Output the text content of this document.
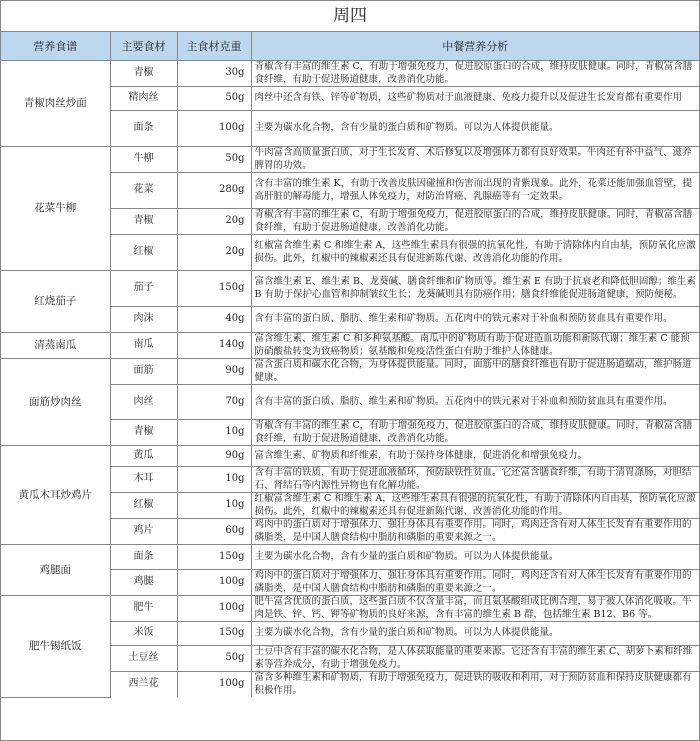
周四
营养食谱	主要食材	主食材克重	中餐营养分析
青椒肉丝炒面	青椒	30g	青椒含有丰富的维生素 C，有助于增强免疫力，促进胶原蛋白的合成，维持皮肤健康。同时，青椒富含膳食纤维，有助于促进肠道健康，改善消化功能。
	精肉丝	50g	肉丝中还含有铁、锌等矿物质，这些矿物质对于血液健康、免疫力提升以及促进生长发育都有重要作用
	面条	100g	主要为碳水化合物，含有少量的蛋白质和矿物质。可以为人体提供能量。
花菜牛柳	牛柳	50g	牛肉富含高质量蛋白质，对于生长发育、术后修复以及增强体力都有良好效果。牛肉还有补中益气、滋养脾胃的功效。
	花菜	280g	含有丰富的维生素 K，有助于改善皮肤因碰撞和伤害而出现的青紫现象。此外，花菜还能加强血管壁，提高肝脏的解毒能力，增强人体免疫力，对防治胃癌、乳腺癌等有一定效果。
	青椒	20g	青椒含有丰富的维生素 C，有助于增强免疫力，促进胶原蛋白的合成，维持皮肤健康。同时，青椒富含膳食纤维，有助于促进肠道健康，改善消化功能。
	红椒	20g	红椒富含维生素 C 和维生素 A，这些维生素具有很强的抗氧化性，有助于清除体内自由基，预防氧化应激损伤。此外，红椒中的辣椒素还具有促进新陈代谢、改善消化功能的作用。
红烧茄子	茄子	150g	富含维生素 E、维生素 B、龙葵碱、膳食纤维和矿物质等。维生素 E 有助于抗衰老和降低胆固醇；维生素 B 有助于保护心血管和抑制皱纹生长；龙葵碱则具有防癌作用；膳食纤维能促进肠道健康，预防便秘。
	肉沫	40g	含有丰富的蛋白质、脂肪、维生素和矿物质。五花肉中的铁元素对于补血和预防贫血具有重要作用。
清蒸南瓜	南瓜	140g	富含维生素、维生素 C 和多种氨基酸。南瓜中的矿物质有助于促进造血功能和新陈代谢；维生素 C 能预防硝酸盐转变为致癌物质；氨基酸和免疫活性蛋白有助于维护人体健康。
面筋炒肉丝	面筋	90g	富含蛋白质和碳水化合物，为身体提供能量。同时，面筋中的膳食纤维也有助于促进肠道蠕动，维护肠道健康。
	肉丝	70g	含有丰富的蛋白质、脂肪、维生素和矿物质。五花肉中的铁元素对于补血和预防贫血具有重要作用。
	青椒	10g	青椒含有丰富的维生素 C，有助于增强免疫力，促进胶原蛋白的合成，维持皮肤健康。同时，青椒富含膳食纤维，有助于促进肠道健康，改善消化功能。
黄瓜木耳炒鸡片	黄瓜	90g	富含维生素、矿物质和纤维素，有助于保持身体健康，促进消化和增强免疫力。
	木耳	10g	含有丰富的铁质，有助于促进血液循环，预防缺铁性贫血。它还富含膳食纤维，有助于清胃涤肠，对胆结石、肾结石等内源性异物也有化解功能。
	红椒	10g	红椒富含维生素 C 和维生素 A，这些维生素具有很强的抗氧化性，有助于清除体内自由基，预防氧化应激损伤。此外，红椒中的辣椒素还具有促进新陈代谢、改善消化功能的作用。
	鸡片	60g	鸡肉中的蛋白质对于增强体力、强壮身体具有重要作用。同时，鸡肉还含有对人体生长发育有重要作用的磷脂类，是中国人膳食结构中脂肪和磷脂的重要来源之一。
鸡腿面	面条	150g	主要为碳水化合物，含有少量的蛋白质和矿物质。可以为人体提供能量。
	鸡腿	100g	鸡肉中的蛋白质对于增强体力、强壮身体具有重要作用。同时，鸡肉还含有对人体生长发育有重要作用的磷脂类，是中国人膳食结构中脂肪和磷脂的重要来源之一。
肥牛锡纸饭	肥牛	100g	肥牛富含优质的蛋白质，这些蛋白质不仅含量丰富，而且氨基酸组成比例合理，易于被人体消化吸收。牛肉是铁、锌、钙、钾等矿物质的良好来源，含有丰富的维生素 B 群，包括维生素 B12、B6 等。
	米饭	150g	主要为碳水化合物，含有少量的蛋白质和矿物质。可以为人体提供能量。
	土豆丝	50g	土豆中含有丰富的碳水化合物，是人体获取能量的重要来源。它还含有丰富的维生素 C、胡萝卜素和纤维素等营养成分，有助于增强免疫力。
	西兰花	100g	富含多种维生素和矿物质，有助于增强免疫力，促进铁的吸收和利用，对于预防贫血和保持皮肤健康都有积极作用。
